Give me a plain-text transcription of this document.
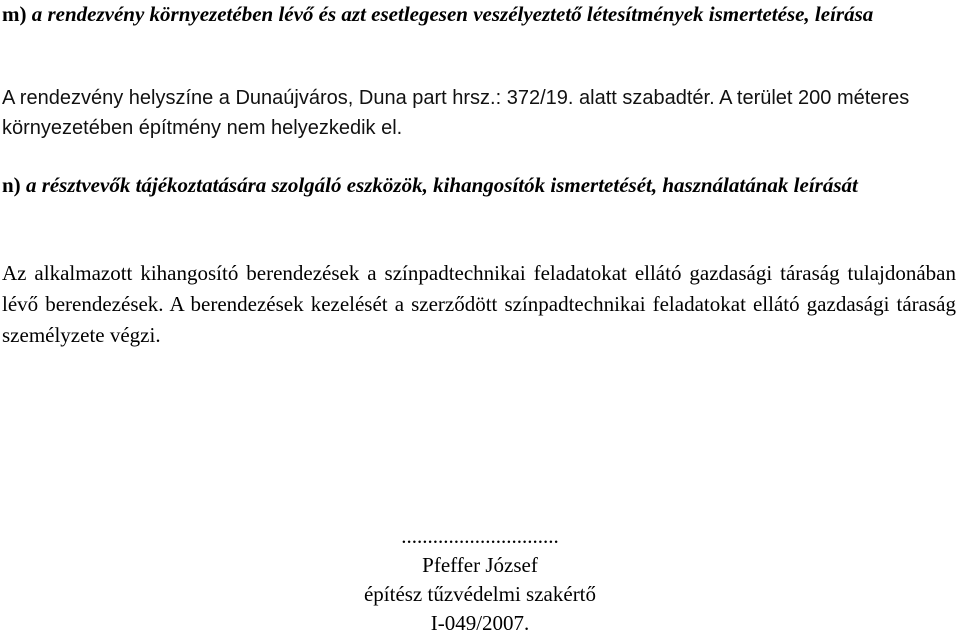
m) a rendezvény környezetében lévő és azt esetlegesen veszélyeztető létesítmények ismertetése, leírása

A rendezvény helyszíne a Dunaújváros, Duna part hrsz.: 372/19. alatt szabadtér. A terület 200 méteres környezetében építmény nem helyezkedik el.

n) a résztvevők tájékoztatására szolgáló eszközök, kihangosítók ismertetését, használatának leírását

Az alkalmazott kihangosító berendezések a színpadtechnikai feladatokat ellátó gazdasági táraság tulajdonában lévő berendezések. A berendezések kezelését a szerződött színpadtechnikai feladatokat ellátó gazdasági táraság személyzete végzi.

..............................
Pfeffer József
építész tűzvédelmi szakértő
I-049/2007.
